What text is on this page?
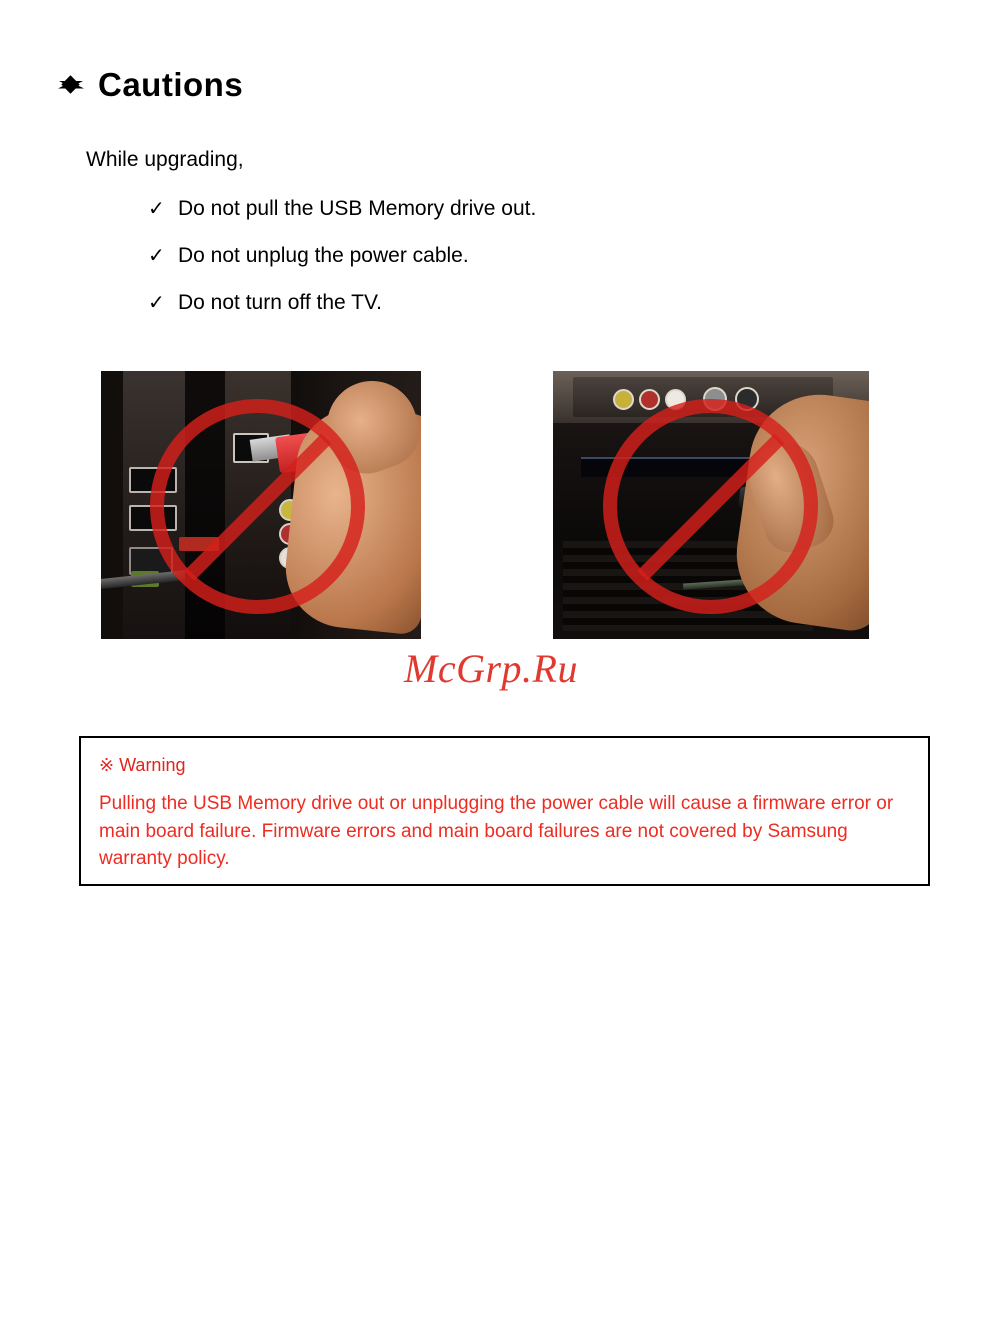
Cautions
While upgrading,
✓ Do not pull the USB Memory drive out.
✓ Do not unplug the power cable.
✓ Do not turn off the TV.
McGrp.Ru
※ Warning
Pulling the USB Memory drive out or unplugging the power cable will cause a firmware error or main board failure. Firmware errors and main board failures are not covered by Samsung warranty policy.
